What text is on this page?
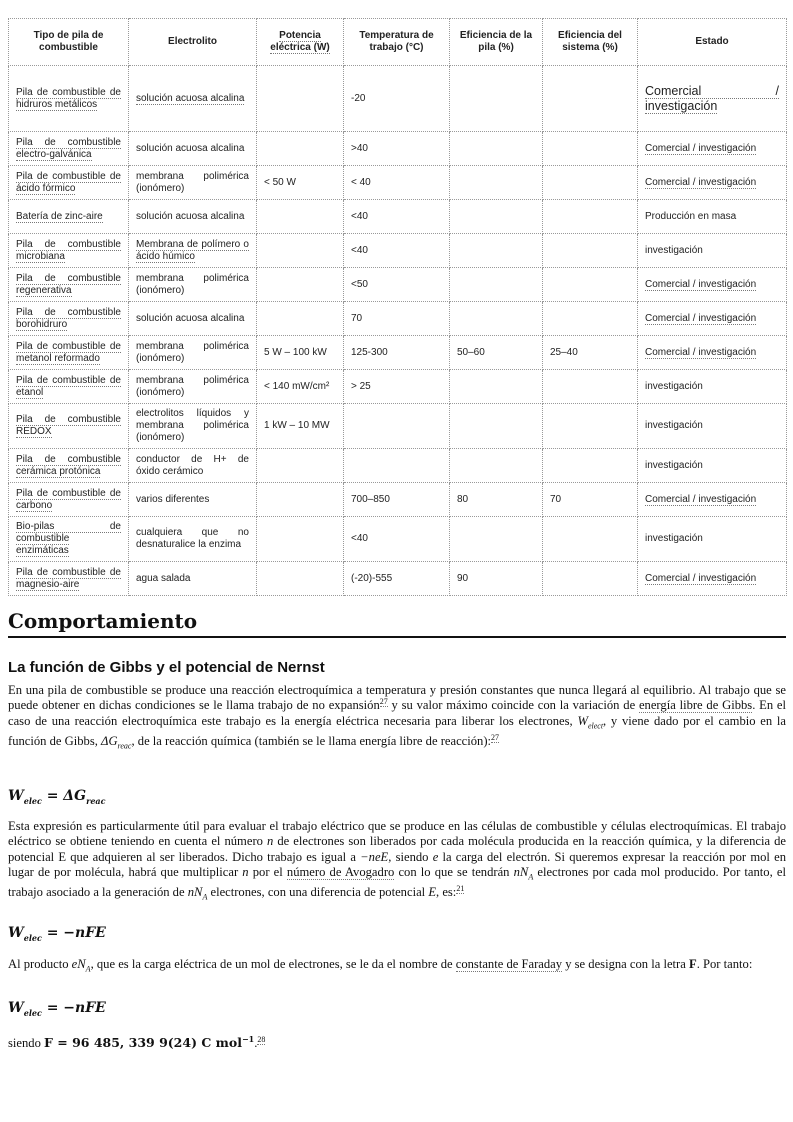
Tipo de pila de combustible	Electrolito	Potencia eléctrica (W)	Temperatura de trabajo (°C)	Eficiencia de la pila (%)	Eficiencia del sistema (%)	Estado
Pila de combustible de hidruros metálicos	solución acuosa alcalina		-20			Comercial / investigación
Pila de combustible electro-galvánica	solución acuosa alcalina		>40			Comercial / investigación
Pila de combustible de ácido fórmico	membrana polimérica (ionómero)	< 50 W	< 40			Comercial / investigación
Batería de zinc-aire	solución acuosa alcalina		<40			Producción en masa
Pila de combustible microbiana	Membrana de polímero o ácido húmico		<40			investigación
Pila de combustible regenerativa	membrana polimérica (ionómero)		<50			Comercial / investigación
Pila de combustible borohidruro	solución acuosa alcalina		70			Comercial / investigación
Pila de combustible de metanol reformado	membrana polimérica (ionómero)	5 W – 100 kW	125-300	50–60	25–40	Comercial / investigación
Pila de combustible de etanol	membrana polimérica (ionómero)	< 140 mW/cm²	> 25			investigación
Pila de combustible REDOX	electrolitos líquidos y membrana polimérica (ionómero)	1 kW – 10 MW				investigación
Pila de combustible cerámica protónica	conductor de H+ de óxido cerámico					investigación
Pila de combustible de carbono	varios diferentes		700–850	80	70	Comercial / investigación
Bio-pilas de combustible enzimáticas	cualquiera que no desnaturalice la enzima		<40			investigación
Pila de combustible de magnesio-aire	agua salada		(-20)-555	90		Comercial / investigación
Comportamiento
La función de Gibbs y el potencial de Nernst

En una pila de combustible se produce una reacción electroquímica a temperatura y presión constantes que nunca llegará al equilibrio. Al trabajo que se puede obtener en dichas condiciones se le llama trabajo de no expansión$^{27}$ y su valor máximo coincide con la variación de energía libre de Gibbs. En el caso de una reacción electroquímica este trabajo es la energía eléctrica necesaria para liberar los electrones, $W_{elect}$, y viene dado por el cambio en la función de Gibbs, $\Delta G_{reac}$, de la reacción química (también se le llama energía libre de reacción):$^{27}$

$W_{elec} = \Delta G_{reac}$

Esta expresión es particularmente útil para evaluar el trabajo eléctrico que se produce en las células de combustible y células electroquímicas. El trabajo eléctrico se obtiene teniendo en cuenta el número n de electrones son liberados por cada molécula producida en la reacción química, y la diferencia de potencial E que adquieren al ser liberados. Dicho trabajo es igual a −neE, siendo e la carga del electrón. Si queremos expresar la reacción por mol en lugar de por molécula, habrá que multiplicar n por el número de Avogadro con lo que se tendrán $nN_A$ electrones por cada mol producido. Por tanto, el trabajo asociado a la generación de $nN_A$ electrones, con una diferencia de potencial E, es:$^{21}$

$W_{elec} = -nFE$

Al producto $eN_A$, que es la carga eléctrica de un mol de electrones, se le da el nombre de constante de Faraday y se designa con la letra F. Por tanto:

$W_{elec} = -nFE$

siendo F = 96 485, 339 9(24) C mol$^{-1}$.$^{28}$
